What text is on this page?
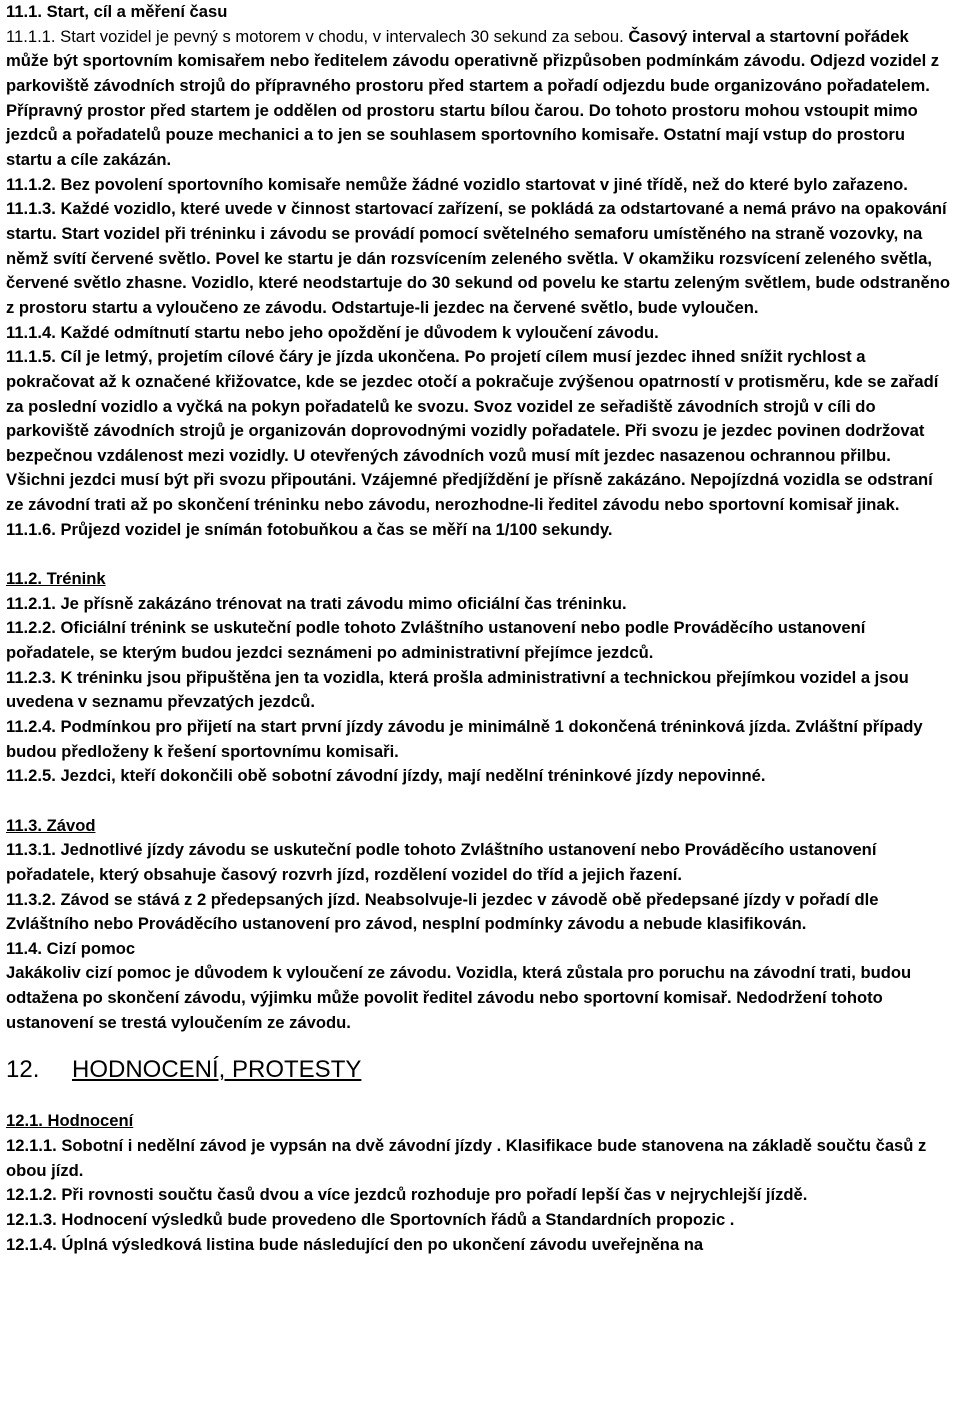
11.1. Start, cíl a měření času

11.1.1. Start vozidel je pevný s motorem v chodu, v intervalech 30 sekund za sebou. Časový interval a startovní pořádek může být sportovním komisařem nebo ředitelem závodu operativně přizpůsoben podmínkám závodu. Odjezd vozidel z parkoviště závodních strojů do přípravného prostoru před startem a pořadí odjezdu bude organizováno pořadatelem. Přípravný prostor před startem je oddělen od prostoru startu bílou čarou. Do tohoto prostoru mohou vstoupit mimo jezdců a pořadatelů pouze mechanici a to jen se souhlasem sportovního komisaře. Ostatní mají vstup do prostoru startu a cíle zakázán.

11.1.2. Bez povolení sportovního komisaře nemůže žádné vozidlo startovat v jiné třídě, než do které bylo zařazeno.

11.1.3. Každé vozidlo, které uvede v činnost startovací zařízení, se pokládá za odstartované a nemá právo na opakování startu. Start vozidel při tréninku i závodu se provádí pomocí světelného semaforu umístěného na straně vozovky, na němž svítí červené světlo. Povel ke startu je dán rozsvícením zeleného světla. V okamžiku rozsvícení zeleného světla, červené světlo zhasne. Vozidlo, které neodstartuje do 30 sekund od povelu ke startu zeleným světlem, bude odstraněno z prostoru startu a vyloučeno ze závodu. Odstartuje-li jezdec na červené světlo, bude vyloučen.

11.1.4. Každé odmítnutí startu nebo jeho opoždění je důvodem k vyloučení závodu.

11.1.5. Cíl je letmý, projetím cílové čáry je jízda ukončena. Po projetí cílem musí jezdec ihned snížit rychlost a pokračovat až k označené křižovatce, kde se jezdec otočí a pokračuje zvýšenou opatrností v protisměru, kde se zařadí za poslední vozidlo a vyčká na pokyn pořadatelů ke svozu. Svoz vozidel ze seřadiště závodních strojů v cíli do parkoviště závodních strojů je organizován doprovodnými vozidly pořadatele. Při svozu je jezdec povinen dodržovat bezpečnou vzdálenost mezi vozidly. U otevřených závodních vozů musí mít jezdec nasazenou ochrannou přilbu. Všichni jezdci musí být při svozu připoutáni. Vzájemné předjíždění je přísně zakázáno. Nepojízdná vozidla se odstraní ze závodní trati až po skončení tréninku nebo závodu, nerozhodne-li ředitel závodu nebo sportovní komisař jinak.

11.1.6. Průjezd vozidel je snímán fotobuňkou a čas se měří na 1/100 sekundy.

11.2. Trénink

11.2.1. Je přísně zakázáno trénovat na trati závodu mimo oficiální čas tréninku.

11.2.2. Oficiální trénink se uskuteční podle tohoto Zvláštního ustanovení nebo podle Prováděcího ustanovení pořadatele, se kterým budou jezdci seznámeni po administrativní přejímce jezdců.

11.2.3. K tréninku jsou připuštěna jen ta vozidla, která prošla administrativní a technickou přejímkou vozidel a jsou uvedena v seznamu převzatých jezdců.

11.2.4. Podmínkou pro přijetí na start první jízdy závodu je minimálně 1 dokončená tréninková jízda. Zvláštní případy budou předloženy k řešení sportovnímu komisaři.

11.2.5. Jezdci, kteří dokončili obě sobotní závodní jízdy, mají nedělní tréninkové jízdy nepovinné.

11.3. Závod

11.3.1. Jednotlivé jízdy závodu se uskuteční podle tohoto Zvláštního ustanovení nebo Prováděcího ustanovení pořadatele, který obsahuje časový rozvrh jízd, rozdělení vozidel do tříd a jejich řazení.

11.3.2. Závod se stává z 2 předepsaných jízd. Neabsolvuje-li jezdec v závodě obě předepsané jízdy v pořadí dle Zvláštního nebo Prováděcího ustanovení pro závod, nesplní podmínky závodu a nebude klasifikován.

11.4. Cizí pomoc

Jakákoliv cizí pomoc je důvodem k vyloučení ze závodu. Vozidla, která zůstala pro poruchu na závodní trati, budou odtažena po skončení závodu, výjimku může povolit ředitel závodu nebo sportovní komisař. Nedodržení tohoto ustanovení se trestá vyloučením ze závodu.

12. HODNOCENÍ, PROTESTY

12.1. Hodnocení

12.1.1. Sobotní i nedělní závod je vypsán na dvě závodní jízdy . Klasifikace bude stanovena na základě součtu časů z obou jízd.

12.1.2. Při rovnosti součtu časů dvou a více jezdců rozhoduje pro pořadí lepší čas v nejrychlejší jízdě.

12.1.3. Hodnocení výsledků bude provedeno dle Sportovních řádů a Standardních propozic .

12.1.4. Úplná výsledková listina bude následující den po ukončení závodu uveřejněna na
